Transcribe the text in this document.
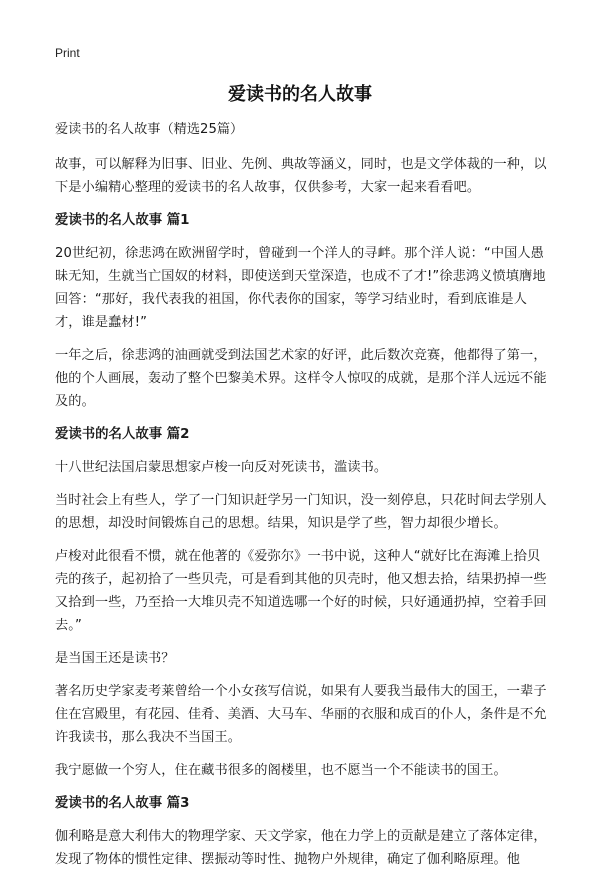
Print
爱读书的名人故事

爱读书的名人故事（精选25篇）

故事，可以解释为旧事、旧业、先例、典故等涵义，同时，也是文学体裁的一种，以下是小编精心整理的爱读书的名人故事，仅供参考，大家一起来看看吧。

爱读书的名人故事 篇1

20世纪初，徐悲鸿在欧洲留学时，曾碰到一个洋人的寻衅。那个洋人说：“中国人愚昧无知，生就当亡国奴的材料，即使送到天堂深造，也成不了才!”徐悲鸿义愤填膺地回答：“那好，我代表我的祖国，你代表你的国家，等学习结业时，看到底谁是人才，谁是蠢材!”

一年之后，徐悲鸿的油画就受到法国艺术家的好评，此后数次竞赛，他都得了第一，他的个人画展，轰动了整个巴黎美术界。这样令人惊叹的成就，是那个洋人远远不能及的。

爱读书的名人故事 篇2

十八世纪法国启蒙思想家卢梭一向反对死读书，滥读书。

当时社会上有些人，学了一门知识赶学另一门知识，没一刻停息，只花时间去学别人的思想，却没时间锻炼自己的思想。结果，知识是学了些，智力却很少增长。

卢梭对此很看不惯，就在他著的《爱弥尔》一书中说，这种人“就好比在海滩上拾贝壳的孩子，起初拾了一些贝壳，可是看到其他的贝壳时，他又想去拾，结果扔掉一些又拾到一些，乃至拾一大堆贝壳不知道选哪一个好的时候，只好通通扔掉，空着手回去。”

是当国王还是读书？

著名历史学家麦考莱曾给一个小女孩写信说，如果有人要我当最伟大的国王，一辈子住在宫殿里，有花园、佳肴、美酒、大马车、华丽的衣服和成百的仆人，条件是不允许我读书，那么我决不当国王。

我宁愿做一个穷人，住在藏书很多的阁楼里，也不愿当一个不能读书的国王。

爱读书的名人故事 篇3

伽利略是意大利伟大的物理学家、天文学家，他在力学上的贡献是建立了落体定律，发现了物体的惯性定律、摆振动等时性、抛物户外规律，确定了伽利略原理。他
